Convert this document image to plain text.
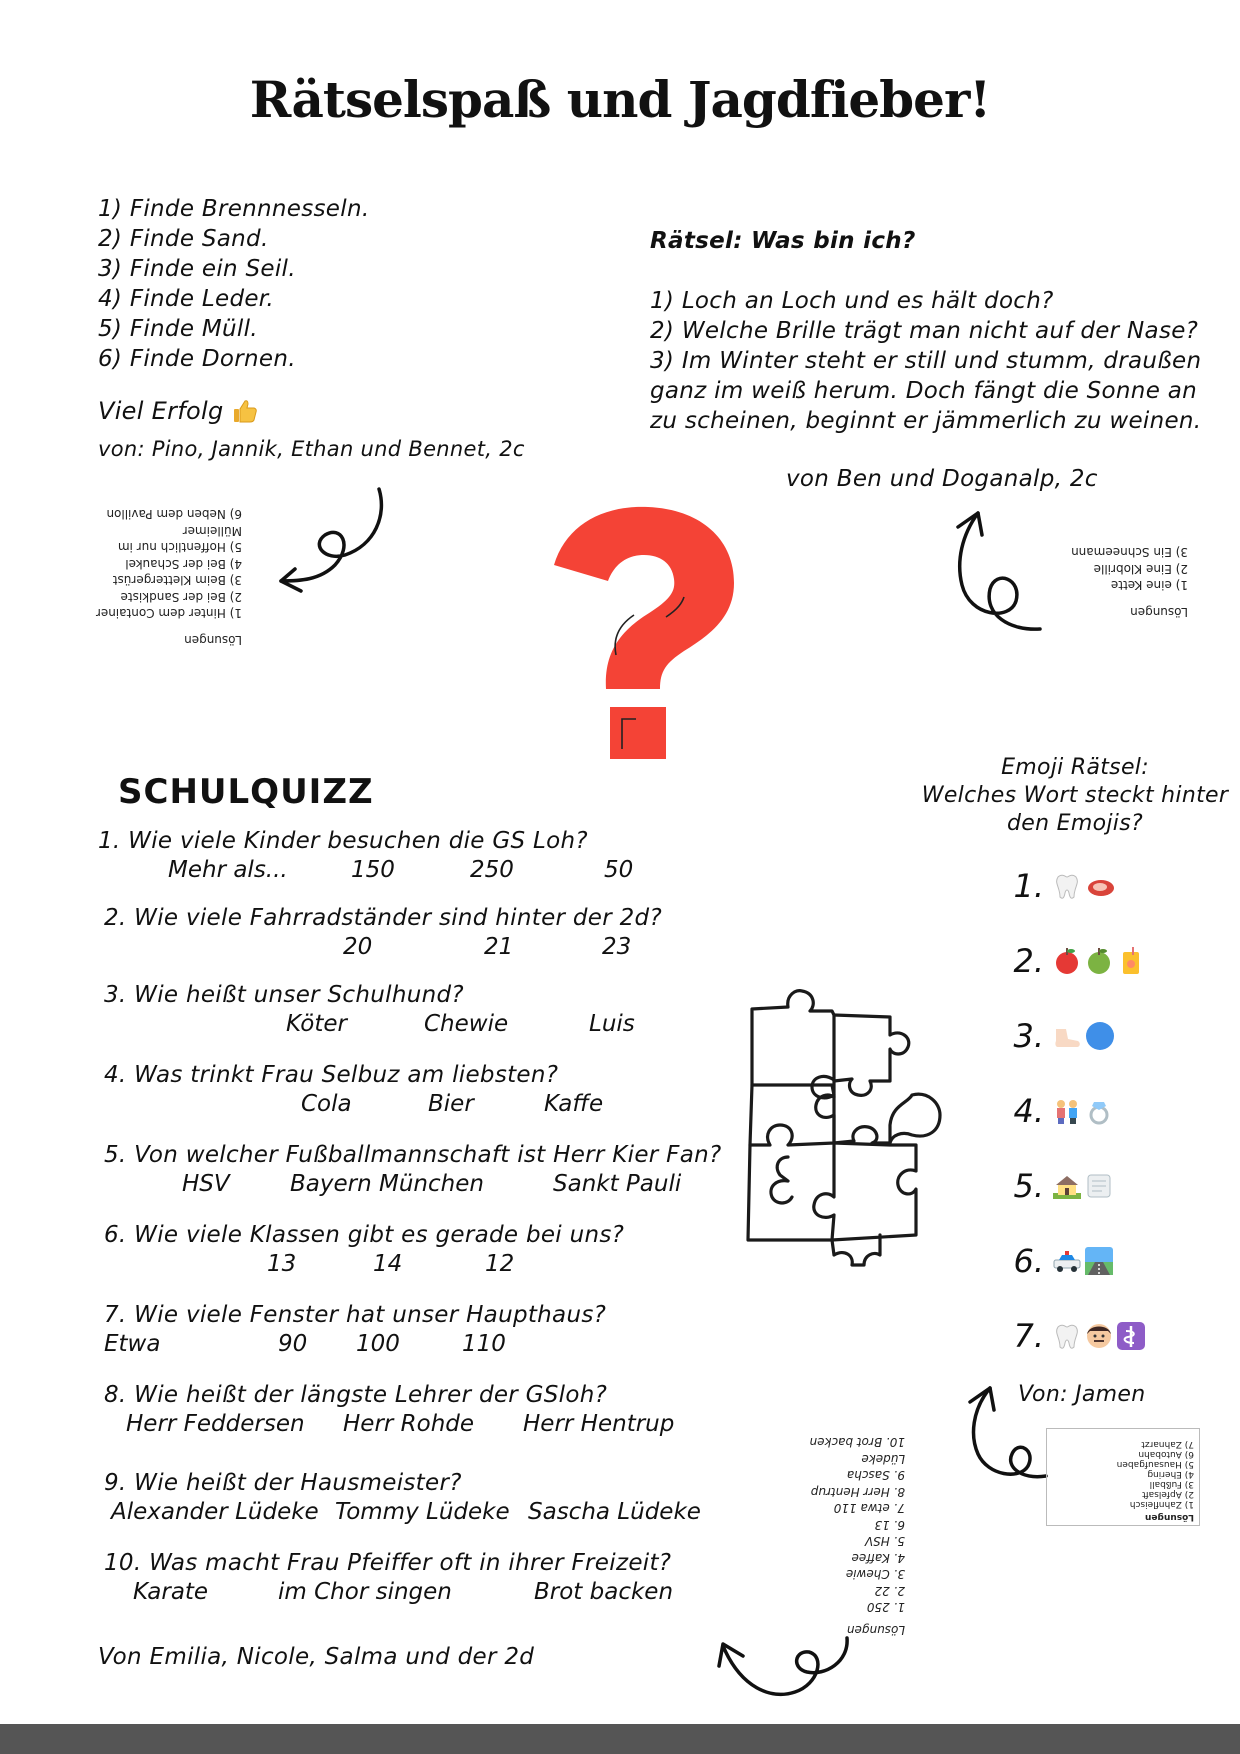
Rätselspaß und Jagdfieber!
1) Finde Brennnesseln.
2) Finde Sand.
3) Finde ein Seil.
4) Finde Leder.
5) Finde Müll.
6) Finde Dornen.
Viel Erfolg
von: Pino, Jannik, Ethan und Bennet, 2c
Lösungen
1) Hinter dem Container
2) Bei der Sandkiste
3) Beim Klettergerüst
4) Bei der Schaukel
5) Hoffentlich nur im
Mülleimer
6) Neben dem Pavillon
Rätsel: Was bin ich?
1) Loch an Loch und es hält doch?
2) Welche Brille trägt man nicht auf der Nase?
3) Im Winter steht er still und stumm, draußen
ganz im weiß herum. Doch fängt die Sonne an
zu scheinen, beginnt er jämmerlich zu weinen.
von Ben und Doganalp, 2c
Lösungen
1) eine Kette
2) Eine Klobrille
3) Ein Schneemann
SCHULQUIZZ
1. Wie viele Kinder besuchen die GS Loh?
Mehr als...	150	250	50
2. Wie viele Fahrradständer sind hinter der 2d?
20	21	23
3. Wie heißt unser Schulhund?
Köter	Chewie	Luis
4. Was trinkt Frau Selbuz am liebsten?
Cola	Bier	Kaffe
5. Von welcher Fußballmannschaft ist Herr Kier Fan?
HSV	Bayern München	Sankt Pauli
6. Wie viele Klassen gibt es gerade bei uns?
13	14	12
7. Wie viele Fenster hat unser Haupthaus?
Etwa	90 100	110
8. Wie heißt der längste Lehrer der GSloh?
Herr Feddersen Herr Rohde Herr Hentrup
9. Wie heißt der Hausmeister?
Alexander Lüdeke Tommy Lüdeke Sascha Lüdeke
10. Was macht Frau Pfeiffer oft in ihrer Freizeit?
Karate	im Chor singen	Brot backen
Von Emilia, Nicole, Salma und der 2d
Lösungen
1. 250
2. 22
3. Chewie
4. Kaffee
5. HSV
6. 13
7. etwa 110
8. Herr Hentrup
9. Sascha Lüdeke
10. Brot backen
Emoji Rätsel:
Welches Wort steckt hinter
den Emojis?
1.
2.
3.
4.
5.
6.
7.
Von: Jamen
Lösungen
1) Zahnfleisch
2) Apfelsaft
3) Fußball
4) Ehering
5) Hausaufgaben
6) Autobahn
7) Zahnarzt
